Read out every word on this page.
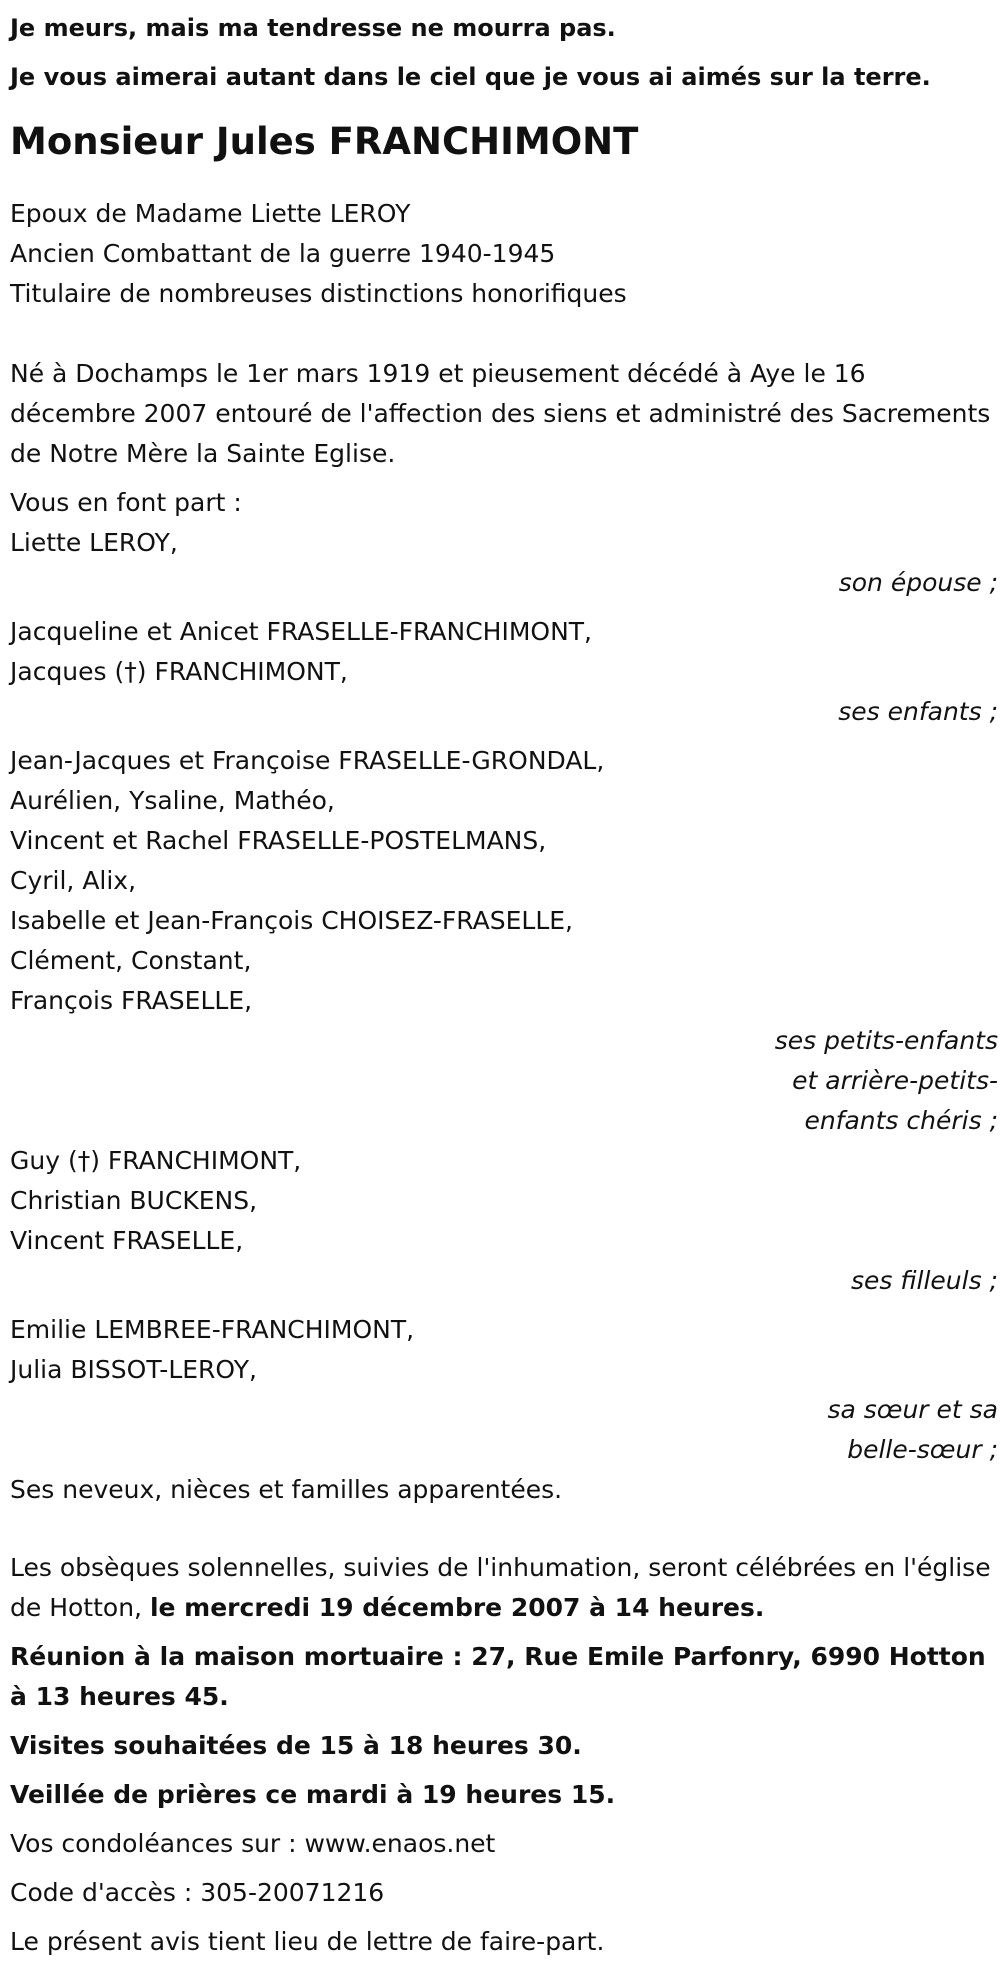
Je meurs, mais ma tendresse ne mourra pas.

Je vous aimerai autant dans le ciel que je vous ai aimés sur la terre.

Monsieur Jules FRANCHIMONT

Epoux de Madame Liette LEROY

Ancien Combattant de la guerre 1940-1945

Titulaire de nombreuses distinctions honorifiques

Né à Dochamps le 1er mars 1919 et pieusement décédé à Aye le 16 décembre 2007 entouré de l'affection des siens et administré des Sacrements de Notre Mère la Sainte Eglise.

Vous en font part :

Liette LEROY,

son épouse ;

Jacqueline et Anicet FRASELLE-FRANCHIMONT,

Jacques (†) FRANCHIMONT,

ses enfants ;

Jean-Jacques et Françoise FRASELLE-GRONDAL,

Aurélien, Ysaline, Mathéo,

Vincent et Rachel FRASELLE-POSTELMANS,

Cyril, Alix,

Isabelle et Jean-François CHOISEZ-FRASELLE,

Clément, Constant,

François FRASELLE,

ses petits-enfants

et arrière-petits-

enfants chéris ;

Guy (†) FRANCHIMONT,

Christian BUCKENS,

Vincent FRASELLE,

ses filleuls ;

Emilie LEMBREE-FRANCHIMONT,

Julia BISSOT-LEROY,

sa sœur et sa

belle-sœur ;

Ses neveux, nièces et familles apparentées.

Les obsèques solennelles, suivies de l'inhumation, seront célébrées en l'église de Hotton, le mercredi 19 décembre 2007 à 14 heures.

Réunion à la maison mortuaire : 27, Rue Emile Parfonry, 6990 Hotton à 13 heures 45.

Visites souhaitées de 15 à 18 heures 30.

Veillée de prières ce mardi à 19 heures 15.

Vos condoléances sur : www.enaos.net

Code d'accès : 305-20071216

Le présent avis tient lieu de lettre de faire-part.
